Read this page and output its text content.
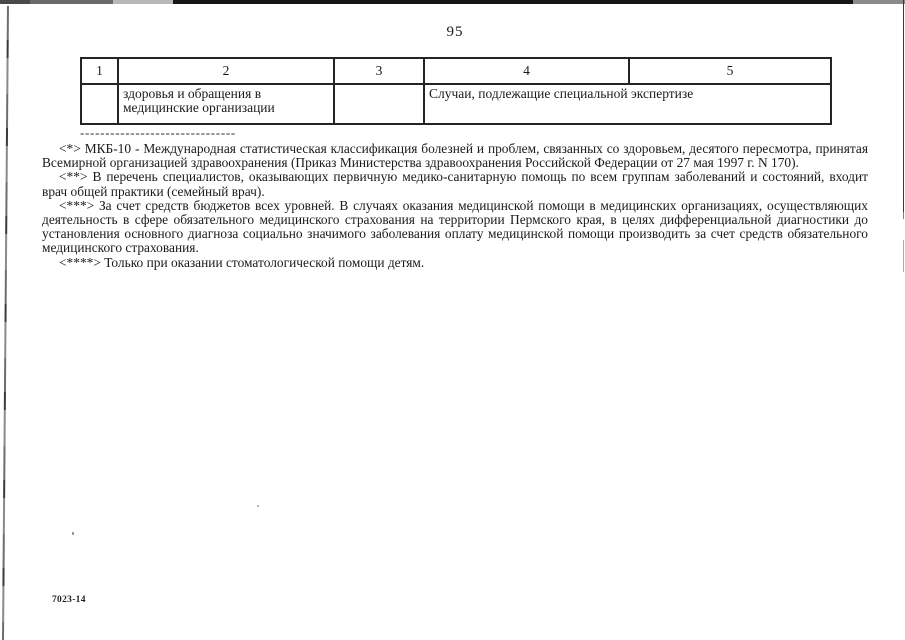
95
1	2	3	4	5

	здоровья и обращения в медицинские организации		Случаи, подлежащие специальной экспертизе	
-------------------------------

<*> МКБ-10 - Международная статистическая классификация болезней и проблем, связанных со здоровьем, десятого пересмотра, принятая Всемирной организацией здравоохранения (Приказ Министерства здравоохранения Российской Федерации от 27 мая 1997 г. N 170).

<**> В перечень специалистов, оказывающих первичную медико-санитарную помощь по всем группам заболеваний и состояний, входит врач общей практики (семейный врач).

<***> За счет средств бюджетов всех уровней. В случаях оказания медицинской помощи в медицинских организациях, осуществляющих деятельность в сфере обязательного медицинского страхования на территории Пермского края, в целях дифференциальной диагностики до установления основного диагноза социально значимого заболевания оплату медицинской помощи производить за счет средств обязательного медицинского страхования.

<****> Только при оказании стоматологической помощи детям.

7023-14
